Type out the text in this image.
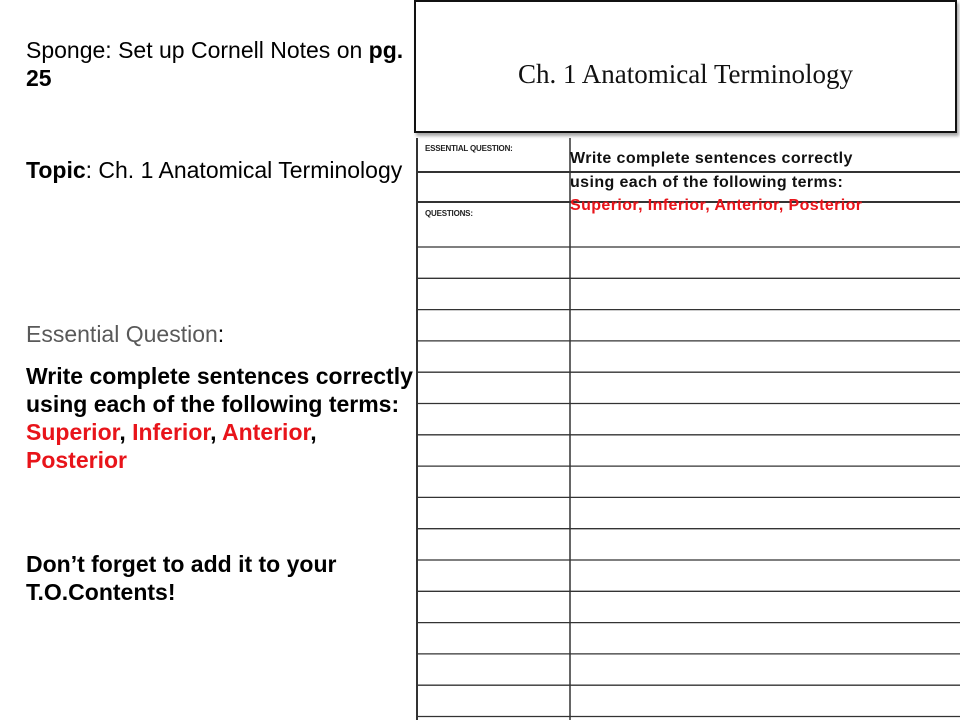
Sponge: Set up Cornell Notes on pg. 25

Topic: Ch. 1 Anatomical Terminology

Essential Question:

Write complete sentences correctly using each of the following terms: Superior, Inferior, Anterior, Posterior

Don’t forget to add it to your T.O.Contents!

Ch. 1 Anatomical Terminology
ESSENTIAL QUESTION:
QUESTIONS:
Write complete sentences correctly using each of the following terms: Superior, Inferior, Anterior, Posterior
